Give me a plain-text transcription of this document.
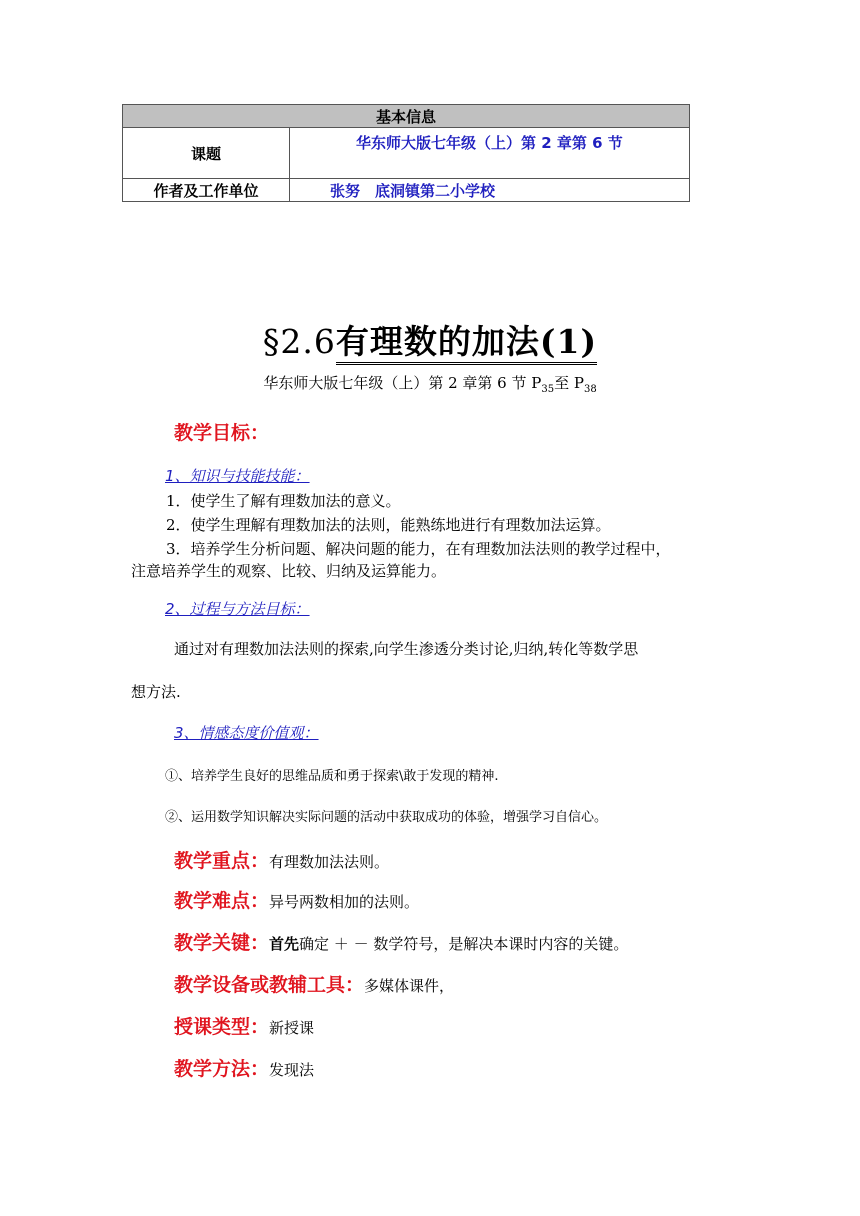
基本信息	
课题	华东师大版七年级（上）第 2 章第 6 节
作者及工作单位	张努　底洞镇第二小学校
§2.6有理数的加法(1)
华东师大版七年级（上）第 2 章第 6 节 $P_{35}$至 $P_{38}$
教学目标：
1、知识与技能技能：
1．使学生了解有理数加法的意义。
2．使学生理解有理数加法的法则，能熟练地进行有理数加法运算。
3．培养学生分析问题、解决问题的能力，在有理数加法法则的教学过程中，
注意培养学生的观察、比较、归纳及运算能力。
2、过程与方法目标：
通过对有理数加法法则的探索,向学生渗透分类讨论,归纳,转化等数学思
想方法.
3、情感态度价值观：
①、培养学生良好的思维品质和勇于探索\敢于发现的精神.
②、运用数学知识解决实际问题的活动中获取成功的体验，增强学习自信心。
教学重点：有理数加法法则。
教学难点：异号两数相加的法则。
教学关键：首先确定 ＋ － 数学符号，是解决本课时内容的关键。
教学设备或教辅工具：多媒体课件，
授课类型：新授课
教学方法：发现法
